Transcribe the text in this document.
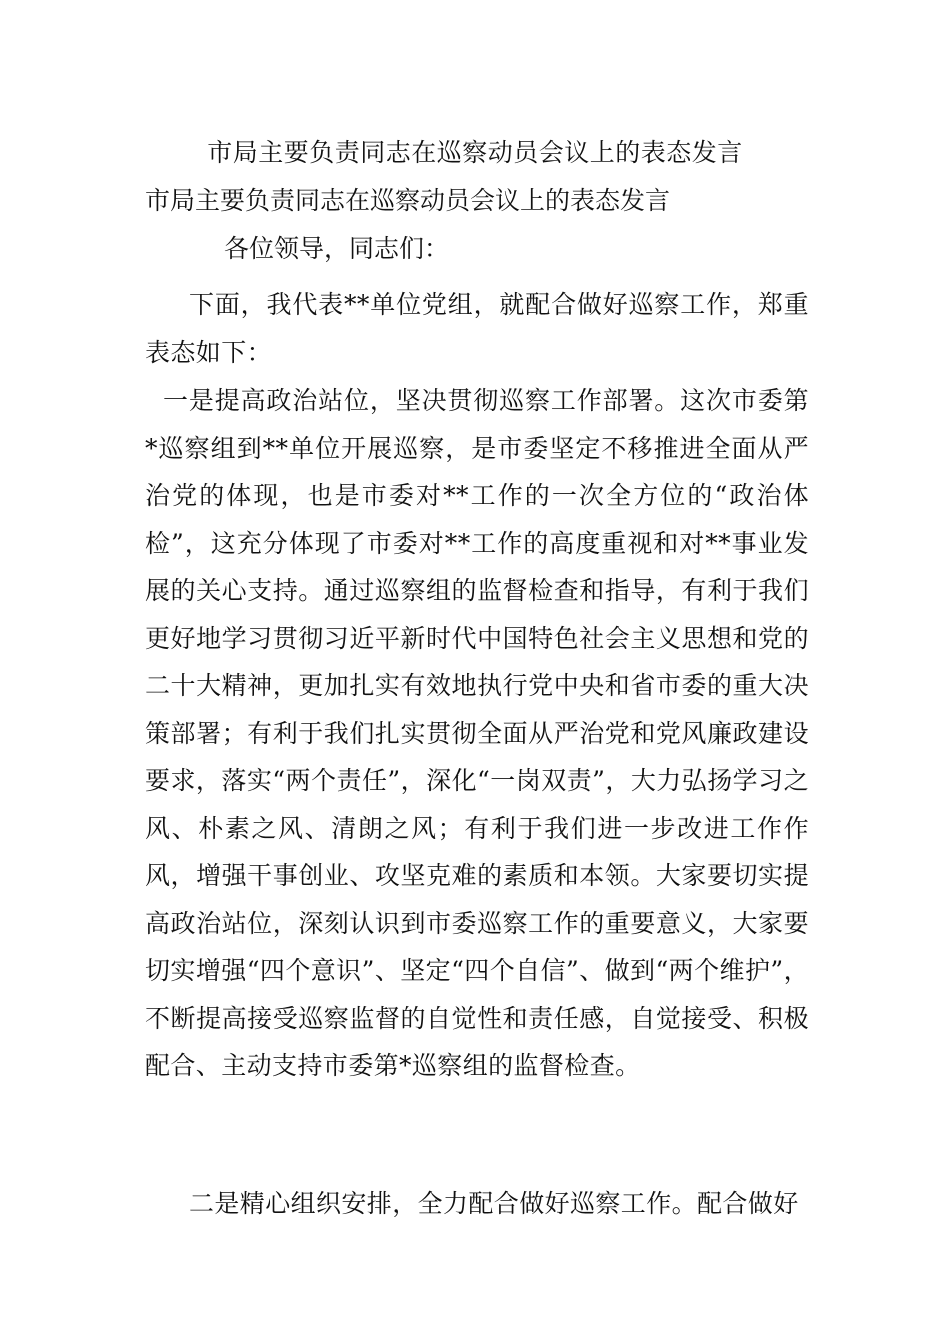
市局主要负责同志在巡察动员会议上的表态发言
市局主要负责同志在巡察动员会议上的表态发言
各位领导，同志们：

下面，我代表**单位党组，就配合做好巡察工作，郑重表态如下：

一是提高政治站位，坚决贯彻巡察工作部署。这次市委第*巡察组到**单位开展巡察，是市委坚定不移推进全面从严治党的体现，也是市委对**工作的一次全方位的“政治体检”，这充分体现了市委对**工作的高度重视和对**事业发展的关心支持。通过巡察组的监督检查和指导，有利于我们更好地学习贯彻习近平新时代中国特色社会主义思想和党的二十大精神，更加扎实有效地执行党中央和省市委的重大决策部署；有利于我们扎实贯彻全面从严治党和党风廉政建设要求，落实“两个责任”，深化“一岗双责”，大力弘扬学习之风、朴素之风、清朗之风；有利于我们进一步改进工作作风，增强干事创业、攻坚克难的素质和本领。大家要切实提高政治站位，深刻认识到市委巡察工作的重要意义，大家要切实增强“四个意识”、坚定“四个自信”、做到“两个维护”，不断提高接受巡察监督的自觉性和责任感，自觉接受、积极配合、主动支持市委第*巡察组的监督检查。

二是精心组织安排，全力配合做好巡察工作。配合做好
